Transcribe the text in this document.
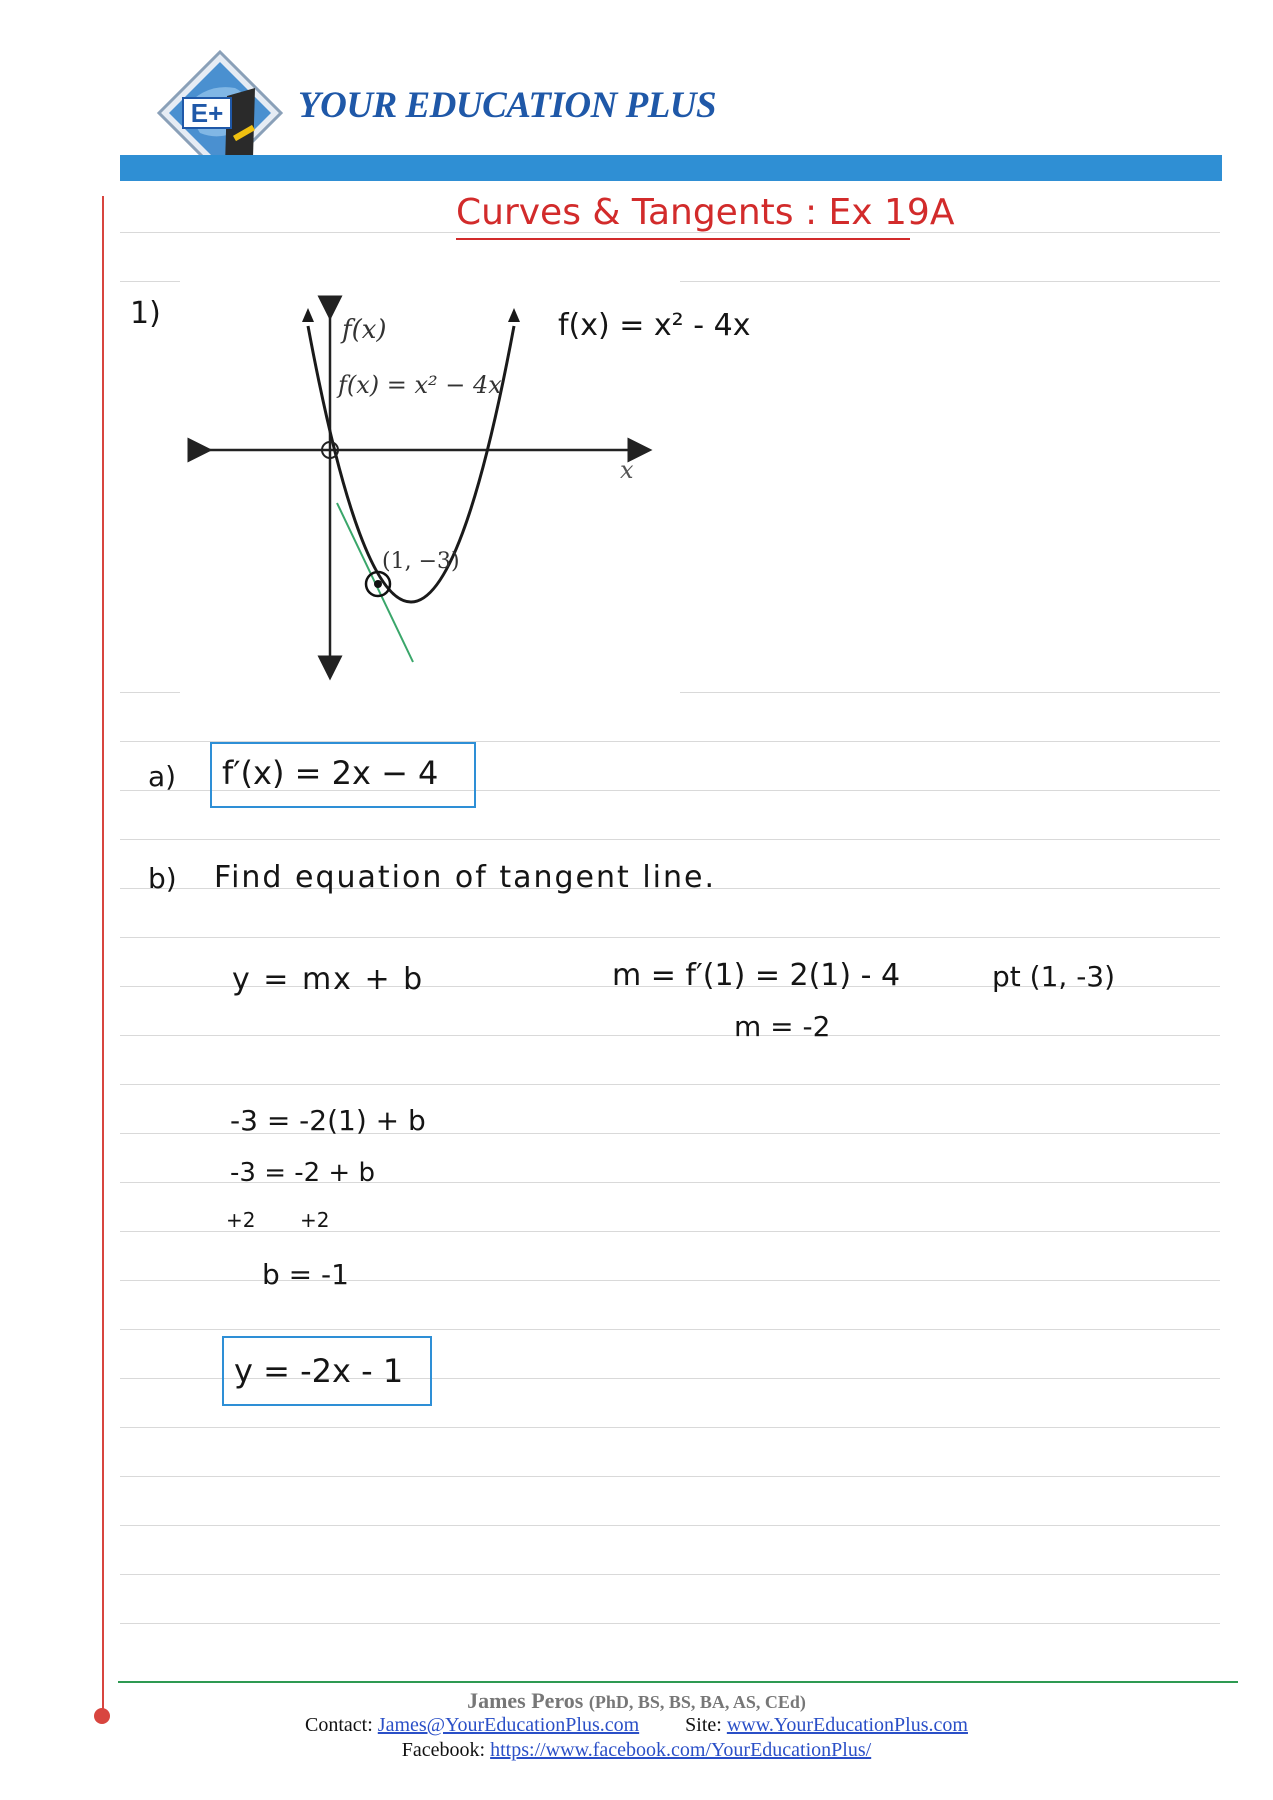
E+ YOUR EDUCATION PLUS
Curves & Tangents : Ex 19A
1)	f(x)
f(x) = x² − 4x
x
(1, −3)
f(x) = x² - 4x
a) f′(x) = 2x − 4
b) Find equation of tangent line.
y = mx + b	m = f′(1) = 2(1) - 4
m = -2
pt (1, -3)
-3 = -2(1) + b
-3 = -2 + b
+2       +2
b = -1
y = -2x - 1
James Peros (PhD, BS, BS, BA, AS, CEd)
Contact: James@YourEducationPlus.com Site: www.YourEducationPlus.com
Facebook: https://www.facebook.com/YourEducationPlus/
